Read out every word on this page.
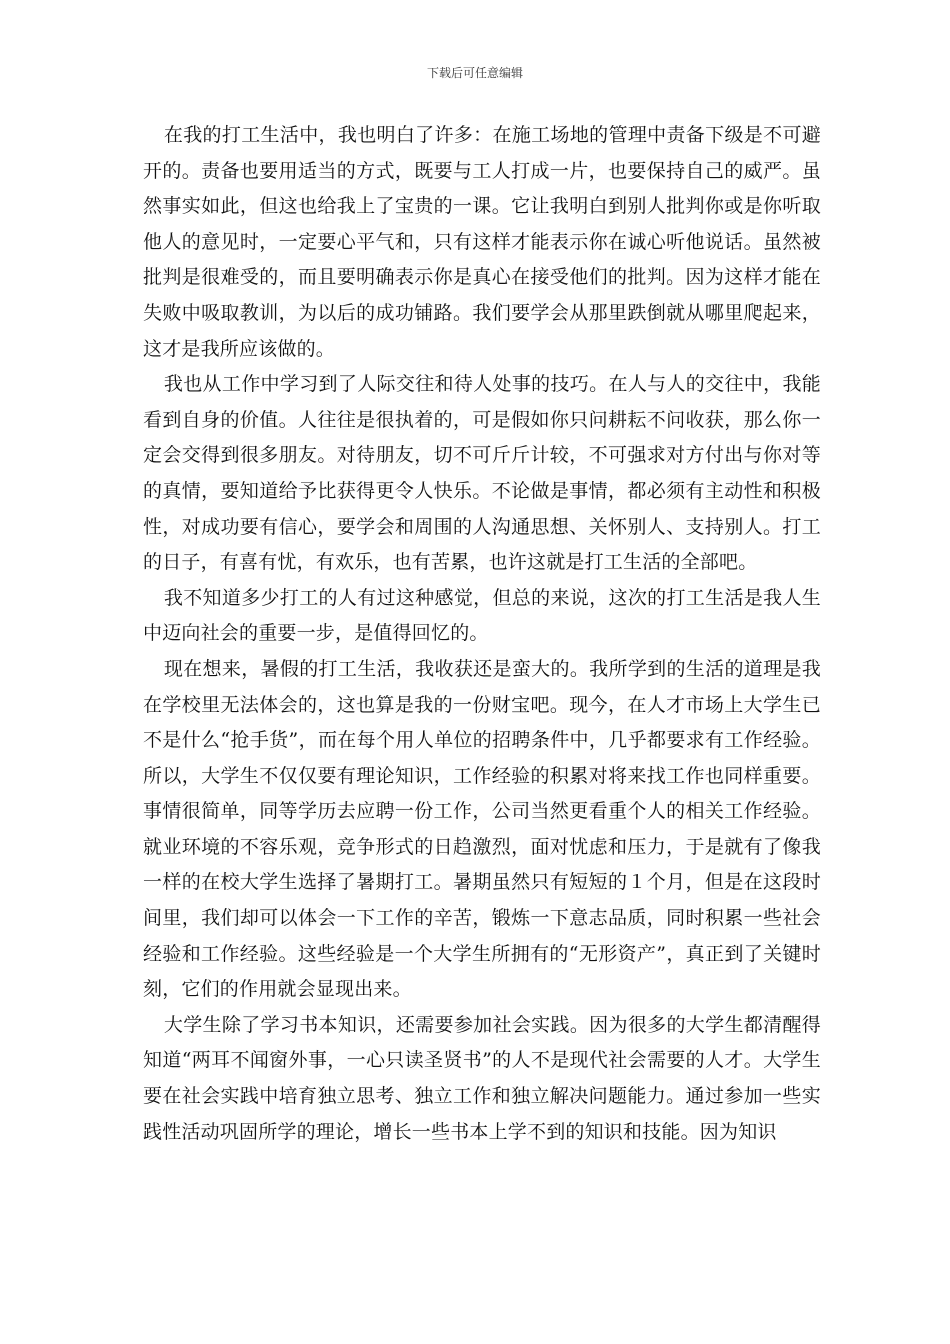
下载后可任意编辑

在我的打工生活中，我也明白了许多：在施工场地的管理中责备下级是不可避开的。责备也要用适当的方式，既要与工人打成一片，也要保持自己的威严。虽然事实如此，但这也给我上了宝贵的一课。它让我明白到别人批判你或是你听取他人的意见时，一定要心平气和，只有这样才能表示你在诚心听他说话。虽然被批判是很难受的，而且要明确表示你是真心在接受他们的批判。因为这样才能在失败中吸取教训，为以后的成功铺路。我们要学会从那里跌倒就从哪里爬起来，这才是我所应该做的。

我也从工作中学习到了人际交往和待人处事的技巧。在人与人的交往中，我能看到自身的价值。人往往是很执着的，可是假如你只问耕耘不问收获，那么你一定会交得到很多朋友。对待朋友，切不可斤斤计较，不可强求对方付出与你对等的真情，要知道给予比获得更令人快乐。不论做是事情，都必须有主动性和积极性，对成功要有信心，要学会和周围的人沟通思想、关怀别人、支持别人。打工的日子，有喜有忧，有欢乐，也有苦累，也许这就是打工生活的全部吧。

我不知道多少打工的人有过这种感觉，但总的来说，这次的打工生活是我人生中迈向社会的重要一步，是值得回忆的。

现在想来，暑假的打工生活，我收获还是蛮大的。我所学到的生活的道理是我在学校里无法体会的，这也算是我的一份财宝吧。现今，在人才市场上大学生已不是什么“抢手货”，而在每个用人单位的招聘条件中，几乎都要求有工作经验。所以，大学生不仅仅要有理论知识，工作经验的积累对将来找工作也同样重要。事情很简单，同等学历去应聘一份工作，公司当然更看重个人的相关工作经验。就业环境的不容乐观，竞争形式的日趋激烈，面对忧虑和压力，于是就有了像我一样的在校大学生选择了暑期打工。暑期虽然只有短短的１个月，但是在这段时间里，我们却可以体会一下工作的辛苦，锻炼一下意志品质，同时积累一些社会经验和工作经验。这些经验是一个大学生所拥有的“无形资产”，真正到了关键时刻，它们的作用就会显现出来。

大学生除了学习书本知识，还需要参加社会实践。因为很多的大学生都清醒得知道“两耳不闻窗外事，一心只读圣贤书”的人不是现代社会需要的人才。大学生要在社会实践中培育独立思考、独立工作和独立解决问题能力。通过参加一些实践性活动巩固所学的理论，增长一些书本上学不到的知识和技能。因为知识
